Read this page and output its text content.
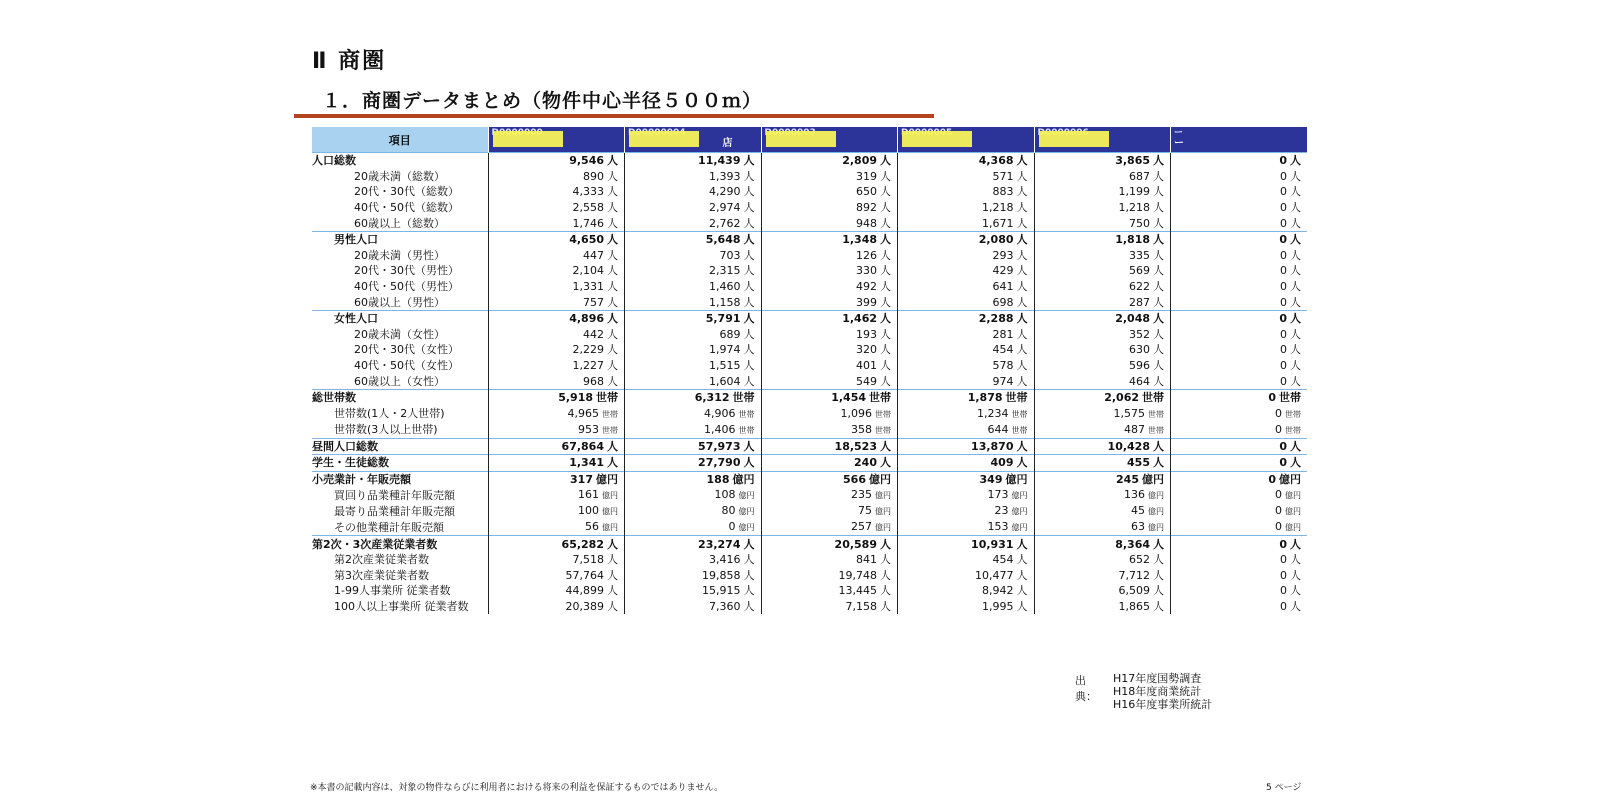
Ⅱ 商圏
１．商圏データまとめ（物件中心半径５００ｍ）
項目		店				ー
ー

人口総数	9,546 人	11,439 人	2,809 人	4,368 人	3,865 人	0 人
20歳未満（総数）	890 人	1,393 人	319 人	571 人	687 人	0 人
20代・30代（総数）	4,333 人	4,290 人	650 人	883 人	1,199 人	0 人
40代・50代（総数）	2,558 人	2,974 人	892 人	1,218 人	1,218 人	0 人
60歳以上（総数）	1,746 人	2,762 人	948 人	1,671 人	750 人	0 人
男性人口	4,650 人	5,648 人	1,348 人	2,080 人	1,818 人	0 人
20歳未満（男性）	447 人	703 人	126 人	293 人	335 人	0 人
20代・30代（男性）	2,104 人	2,315 人	330 人	429 人	569 人	0 人
40代・50代（男性）	1,331 人	1,460 人	492 人	641 人	622 人	0 人
60歳以上（男性）	757 人	1,158 人	399 人	698 人	287 人	0 人
女性人口	4,896 人	5,791 人	1,462 人	2,288 人	2,048 人	0 人
20歳未満（女性）	442 人	689 人	193 人	281 人	352 人	0 人
20代・30代（女性）	2,229 人	1,974 人	320 人	454 人	630 人	0 人
40代・50代（女性）	1,227 人	1,515 人	401 人	578 人	596 人	0 人
60歳以上（女性）	968 人	1,604 人	549 人	974 人	464 人	0 人
総世帯数	5,918 世帯	6,312 世帯	1,454 世帯	1,878 世帯	2,062 世帯	0 世帯
世帯数(1人・2人世帯)	4,965 世帯	4,906 世帯	1,096 世帯	1,234 世帯	1,575 世帯	0 世帯
世帯数(3人以上世帯)	953 世帯	1,406 世帯	358 世帯	644 世帯	487 世帯	0 世帯
昼間人口総数	67,864 人	57,973 人	18,523 人	13,870 人	10,428 人	0 人
学生・生徒総数	1,341 人	27,790 人	240 人	409 人	455 人	0 人
小売業計・年販売額	317 億円	188 億円	566 億円	349 億円	245 億円	0 億円
買回り品業種計年販売額	161 億円	108 億円	235 億円	173 億円	136 億円	0 億円
最寄り品業種計年販売額	100 億円	80 億円	75 億円	23 億円	45 億円	0 億円
その他業種計年販売額	56 億円	0 億円	257 億円	153 億円	63 億円	0 億円
第2次・3次産業従業者数	65,282 人	23,274 人	20,589 人	10,931 人	8,364 人	0 人
第2次産業従業者数	7,518 人	3,416 人	841 人	454 人	652 人	0 人
第3次産業従業者数	57,764 人	19,858 人	19,748 人	10,477 人	7,712 人	0 人
1-99人事業所 従業者数	44,899 人	15,915 人	13,445 人	8,942 人	6,509 人	0 人
100人以上事業所 従業者数	20,389 人	7,360 人	7,158 人	1,995 人	1,865 人	0 人
出典：
H17年度国勢調査
H18年度商業統計
H16年度事業所統計
※本書の記載内容は、対象の物件ならびに利用者における将来の利益を保証するものではありません。	5 ページ
